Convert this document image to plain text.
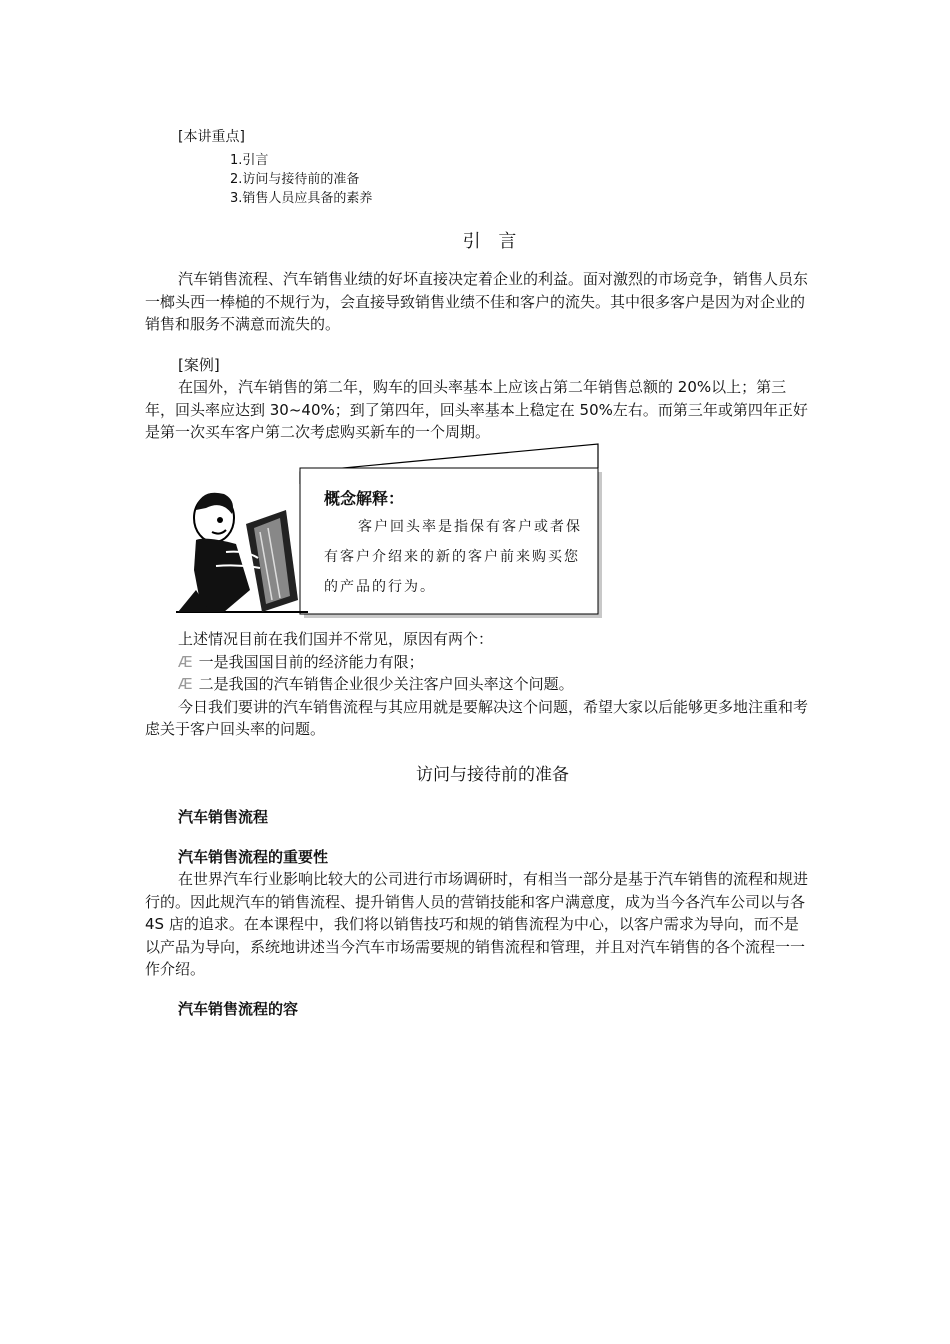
[本讲重点]
1.引言
2.访问与接待前的准备
3.销售人员应具备的素养
引 言

汽车销售流程、汽车销售业绩的好坏直接决定着企业的利益。面对激烈的市场竞争，销售人员东一榔头西一棒槌的不规行为，会直接导致销售业绩不佳和客户的流失。其中很多客户是因为对企业的销售和服务不满意而流失的。

[案例]

在国外，汽车销售的第二年，购车的回头率基本上应该占第二年销售总额的 20%以上；第三年，回头率应达到 30~40%；到了第四年，回头率基本上稳定在 50%左右。而第三年或第四年正好是第一次买车客户第二次考虑购买新车的一个周期。

概念解释：
客户回头率是指保有客户或者保有客户介绍来的新的客户前来购买您的产品的行为。

上述情况目前在我们国并不常见，原因有两个：

Æ 一是我国国目前的经济能力有限；

Æ 二是我国的汽车销售企业很少关注客户回头率这个问题。

今日我们要讲的汽车销售流程与其应用就是要解决这个问题，希望大家以后能够更多地注重和考虑关于客户回头率的问题。

访问与接待前的准备
汽车销售流程
汽车销售流程的重要性

在世界汽车行业影响比较大的公司进行市场调研时，有相当一部分是基于汽车销售的流程和规进行的。因此规汽车的销售流程、提升销售人员的营销技能和客户满意度，成为当今各汽车公司以与各 4S 店的追求。在本课程中，我们将以销售技巧和规的销售流程为中心，以客户需求为导向，而不是以产品为导向，系统地讲述当今汽车市场需要规的销售流程和管理，并且对汽车销售的各个流程一一作介绍。

汽车销售流程的容
